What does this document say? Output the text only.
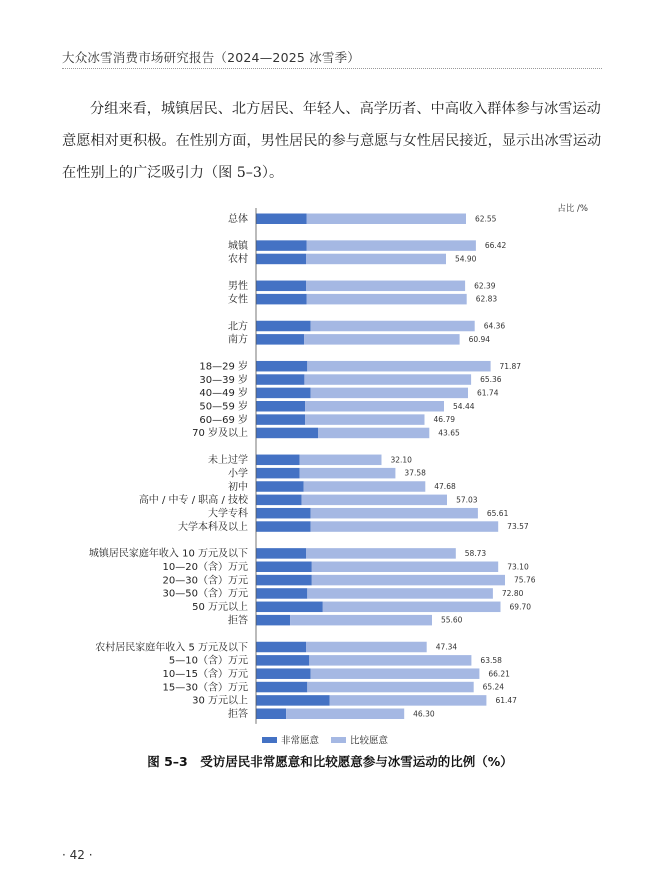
大众冰雪消费市场研究报告（2024—2025 冰雪季）

分组来看，城镇居民、北方居民、年轻人、高学历者、中高收入群体参与冰雪运动意愿相对更积极。在性别方面，男性居民的参与意愿与女性居民接近，显示出冰雪运动在性别上的广泛吸引力（图 5–3）。

占比 /%
总体	62.55
城镇	66.42
农村	54.90
男性	62.39
女性	62.83
北方	64.36
南方	60.94
18—29 岁	71.87
30—39 岁	65.36
40—49 岁	61.74
50—59 岁	54.44
60—69 岁	46.79
70 岁及以上	43.65
未上过学	32.10
小学	37.58
初中	47.68
高中 / 中专 / 职高 / 技校	57.03
大学专科	65.61
大学本科及以上	73.57
城镇居民家庭年收入 10 万元及以下	58.73
10—20（含）万元	73.10
20—30（含）万元	75.76
30—50（含）万元	72.80
50 万元以上	69.70
拒答	55.60
农村居民家庭年收入 5 万元及以下	47.34
5—10（含）万元	63.58
10—15（含）万元	66.21
15—30（含）万元	65.24
30 万元以上	61.47
拒答	46.30
非常愿意	比较愿意
图 5–3　受访居民非常愿意和比较愿意参与冰雪运动的比例（%）
· 42 ·
